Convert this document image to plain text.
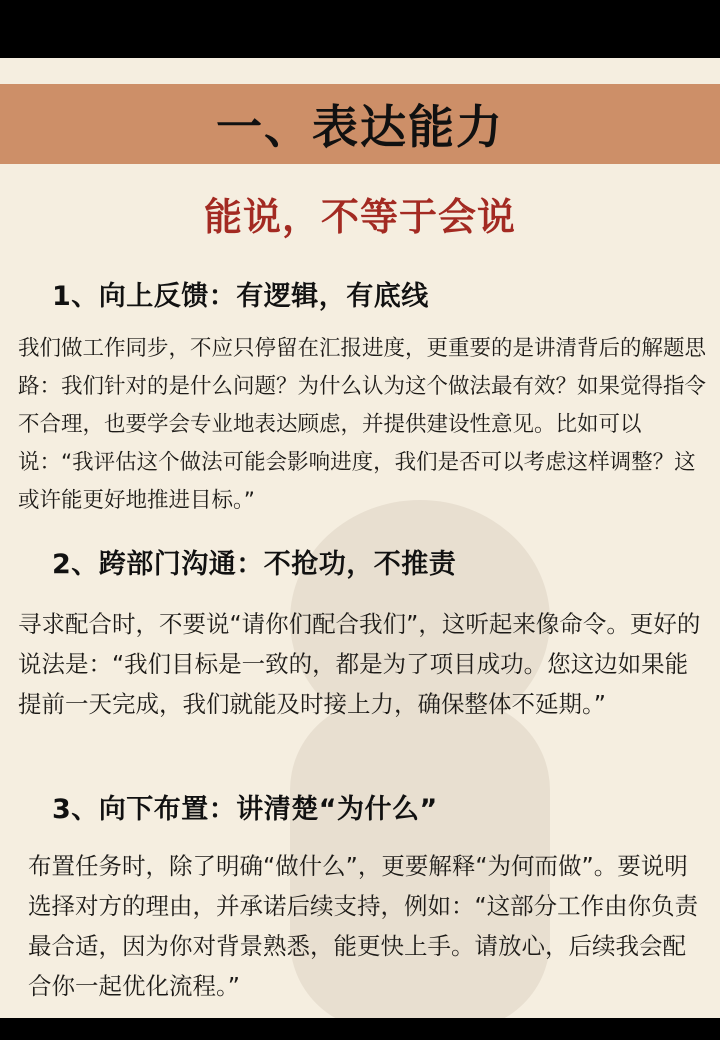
一、表达能力
能说，不等于会说
1、向上反馈：有逻辑，有底线
我们做工作同步，不应只停留在汇报进度，更重要的是讲清背后的解题思路：我们针对的是什么问题？为什么认为这个做法最有效？如果觉得指令不合理，也要学会专业地表达顾虑，并提供建设性意见。比如可以说：“我评估这个做法可能会影响进度，我们是否可以考虑这样调整？这或许能更好地推进目标。”
2、跨部门沟通：不抢功，不推责
寻求配合时，不要说“请你们配合我们”，这听起来像命令。更好的说法是：“我们目标是一致的，都是为了项目成功。您这边如果能提前一天完成，我们就能及时接上力，确保整体不延期。”
3、向下布置：讲清楚“为什么”
布置任务时，除了明确“做什么”，更要解释“为何而做”。要说明选择对方的理由，并承诺后续支持，例如：“这部分工作由你负责最合适，因为你对背景熟悉，能更快上手。请放心，后续我会配合你一起优化流程。”
